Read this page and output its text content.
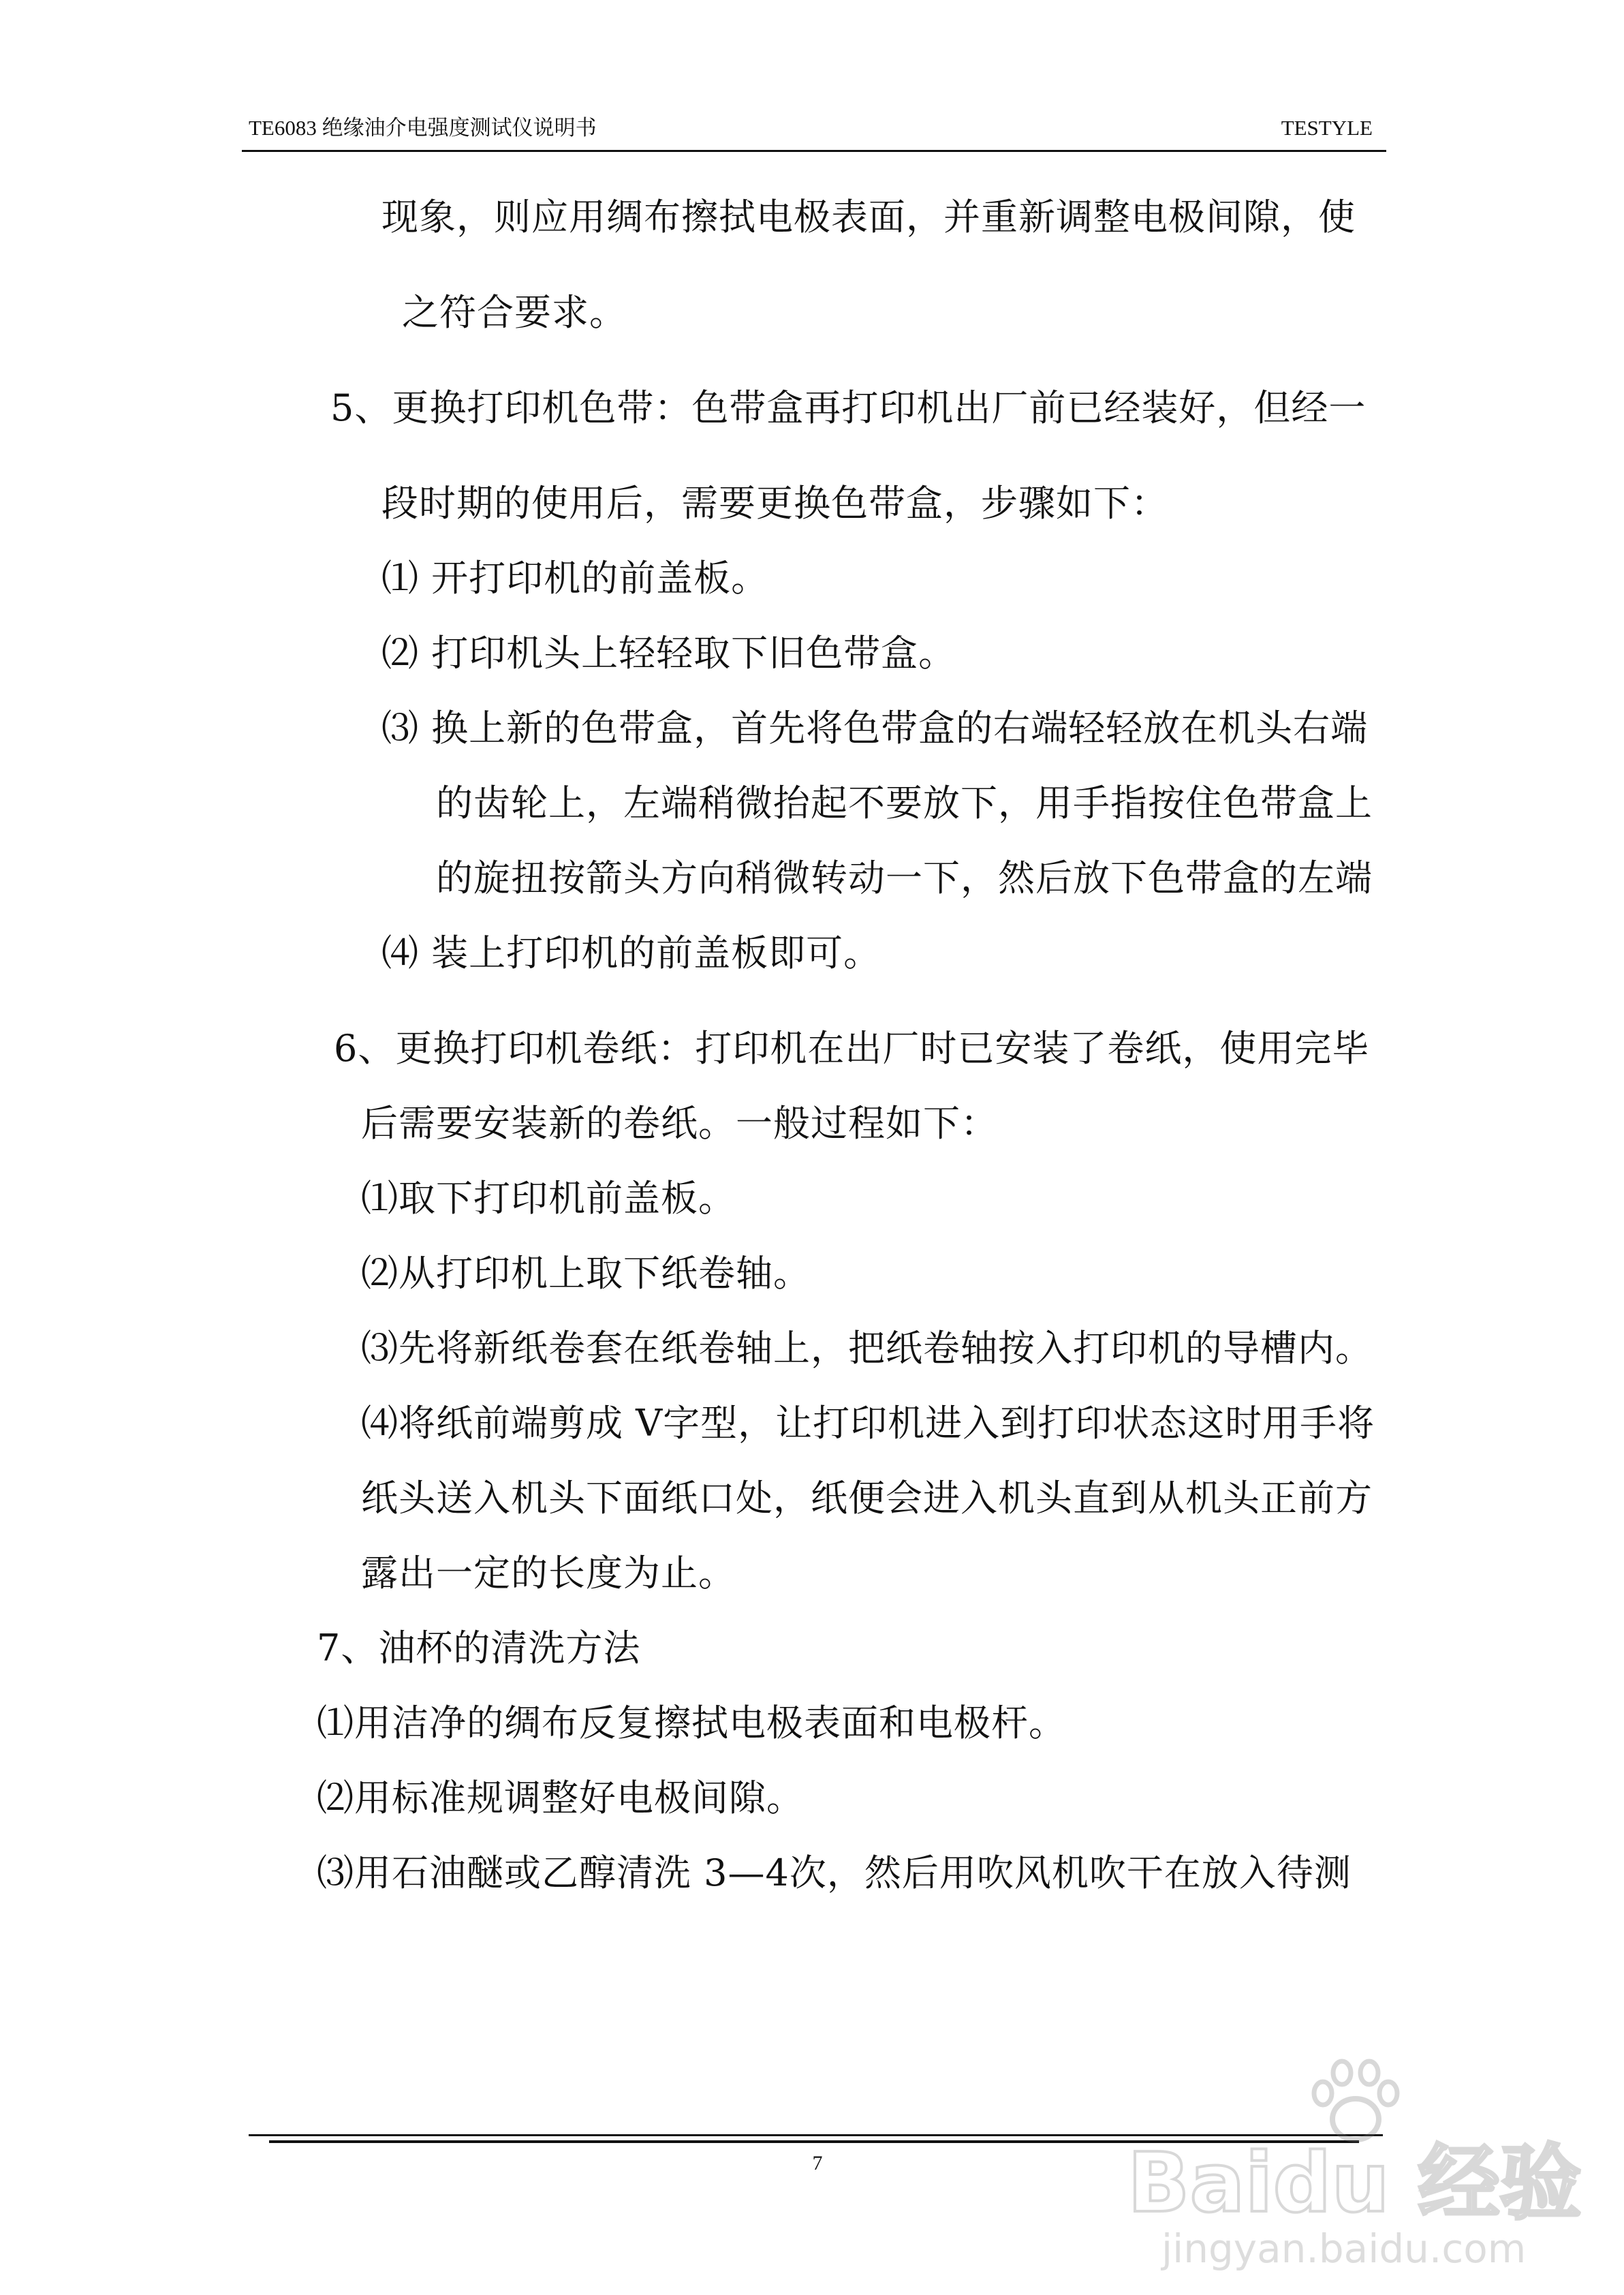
TE6083 绝缘油介电强度测试仪说明书	TESTYLE
现象，则应用绸布擦拭电极表面，并重新调整电极间隙，使
之符合要求。
5、更换打印机色带：色带盒再打印机出厂前已经装好，但经一
段时期的使用后，需要更换色带盒，步骤如下：
⑴ 开打印机的前盖板。
⑵ 打印机头上轻轻取下旧色带盒。
⑶ 换上新的色带盒，首先将色带盒的右端轻轻放在机头右端
的齿轮上，左端稍微抬起不要放下，用手指按住色带盒上
的旋扭按箭头方向稍微转动一下，然后放下色带盒的左端
⑷ 装上打印机的前盖板即可。
6、更换打印机卷纸：打印机在出厂时已安装了卷纸，使用完毕
后需要安装新的卷纸。一般过程如下：
⑴取下打印机前盖板。
⑵从打印机上取下纸卷轴。
⑶先将新纸卷套在纸卷轴上，把纸卷轴按入打印机的导槽内。
⑷将纸前端剪成 V字型，让打印机进入到打印状态这时用手将
纸头送入机头下面纸口处，纸便会进入机头直到从机头正前方
露出一定的长度为止。
7、油杯的清洗方法
⑴用洁净的绸布反复擦拭电极表面和电极杆。
⑵用标准规调整好电极间隙。
⑶用石油醚或乙醇清洗 3—4次，然后用吹风机吹干在放入待测
7	Baidu 经验
jingyan.baidu.com
